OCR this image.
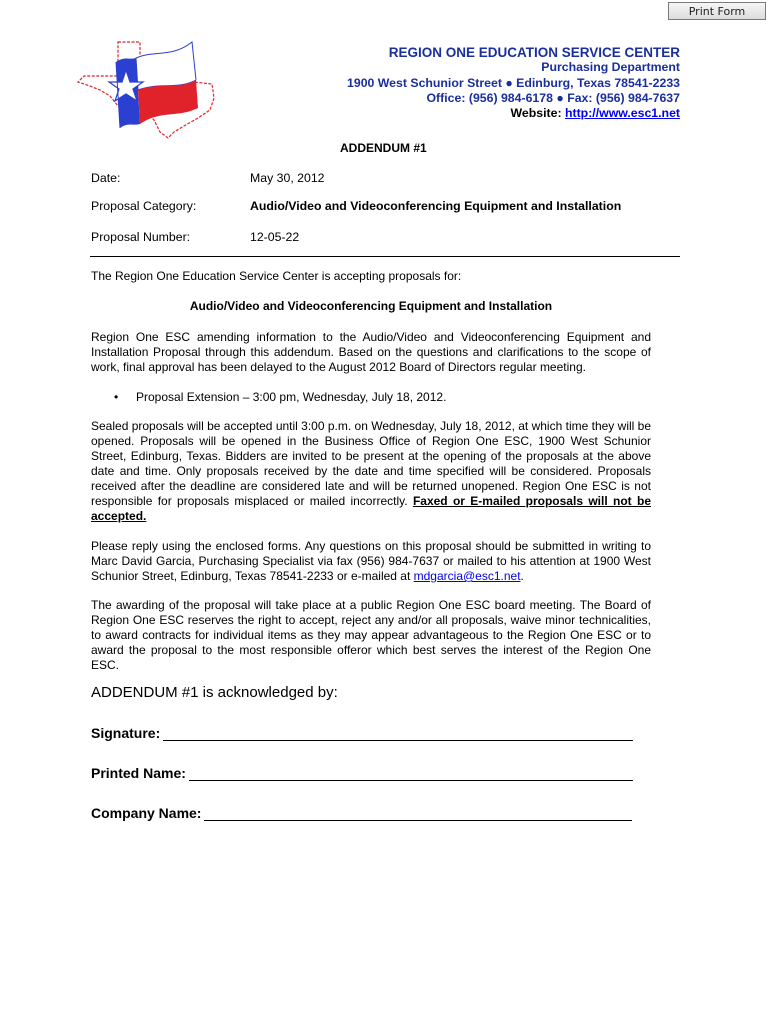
Print Form
REGION ONE EDUCATION SERVICE CENTER
Purchasing Department
1900 West Schunior Street ● Edinburg, Texas 78541-2233
Office: (956) 984-6178 ● Fax: (956) 984-7637
Website: http://www.esc1.net
ADDENDUM #1
Date:	May 30, 2012
Proposal Category:	Audio/Video and Videoconferencing Equipment and Installation
Proposal Number:	12-05-22
The Region One Education Service Center is accepting proposals for:
Audio/Video and Videoconferencing Equipment and Installation
Region One ESC amending information to the Audio/Video and Videoconferencing Equipment and Installation Proposal through this addendum. Based on the questions and clarifications to the scope of work, final approval has been delayed to the August 2012 Board of Directors regular meeting.
•	Proposal Extension – 3:00 pm, Wednesday, July 18, 2012.
Sealed proposals will be accepted until 3:00 p.m. on Wednesday, July 18, 2012, at which time they will be opened. Proposals will be opened in the Business Office of Region One ESC, 1900 West Schunior Street, Edinburg, Texas. Bidders are invited to be present at the opening of the proposals at the above date and time. Only proposals received by the date and time specified will be considered. Proposals received after the deadline are considered late and will be returned unopened. Region One ESC is not responsible for proposals misplaced or mailed incorrectly. Faxed or E-mailed proposals will not be accepted.
Please reply using the enclosed forms. Any questions on this proposal should be submitted in writing to Marc David Garcia, Purchasing Specialist via fax (956) 984-7637 or mailed to his attention at 1900 West Schunior Street, Edinburg, Texas 78541-2233 or e-mailed at mdgarcia@esc1.net.
The awarding of the proposal will take place at a public Region One ESC board meeting. The Board of Region One ESC reserves the right to accept, reject any and/or all proposals, waive minor technicalities, to award contracts for individual items as they may appear advantageous to the Region One ESC or to award the proposal to the most responsible offeror which best serves the interest of the Region One ESC.
ADDENDUM #1 is acknowledged by:
Signature:
Printed Name:
Company Name:
